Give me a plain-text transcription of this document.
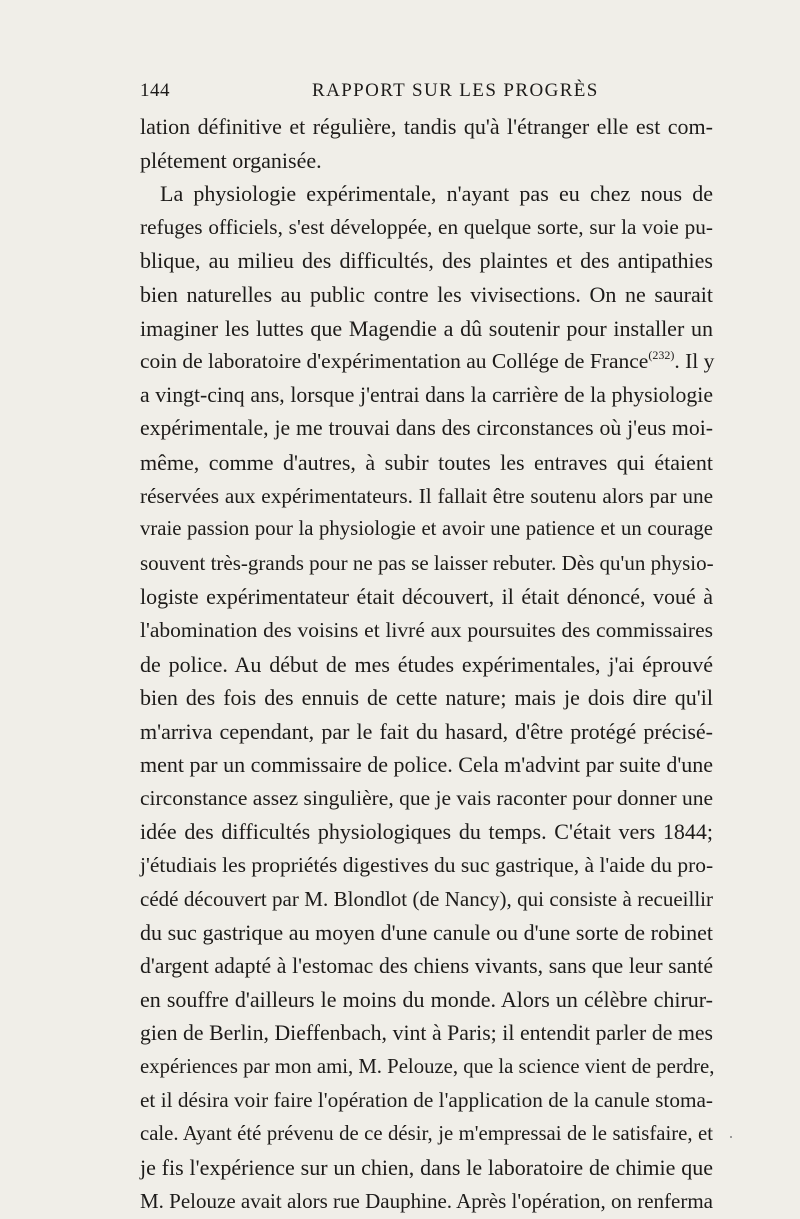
144	RAPPORT SUR LES PROGRÈS
lation définitive et régulière, tandis qu'à l'étranger elle est com-
plétement organisée.
La physiologie expérimentale, n'ayant pas eu chez nous de
refuges officiels, s'est développée, en quelque sorte, sur la voie pu-
blique, au milieu des difficultés, des plaintes et des antipathies
bien naturelles au public contre les vivisections. On ne saurait
imaginer les luttes que Magendie a dû soutenir pour installer un
coin de laboratoire d'expérimentation au Collége de France$^{(232)}$. Il y
a vingt-cinq ans, lorsque j'entrai dans la carrière de la physiologie
expérimentale, je me trouvai dans des circonstances où j'eus moi-
même, comme d'autres, à subir toutes les entraves qui étaient
réservées aux expérimentateurs. Il fallait être soutenu alors par une
vraie passion pour la physiologie et avoir une patience et un courage
souvent très-grands pour ne pas se laisser rebuter. Dès qu'un physio-
logiste expérimentateur était découvert, il était dénoncé, voué à
l'abomination des voisins et livré aux poursuites des commissaires
de police. Au début de mes études expérimentales, j'ai éprouvé
bien des fois des ennuis de cette nature; mais je dois dire qu'il
m'arriva cependant, par le fait du hasard, d'être protégé précisé-
ment par un commissaire de police. Cela m'advint par suite d'une
circonstance assez singulière, que je vais raconter pour donner une
idée des difficultés physiologiques du temps. C'était vers 1844;
j'étudiais les propriétés digestives du suc gastrique, à l'aide du pro-
cédé découvert par M. Blondlot (de Nancy), qui consiste à recueillir
du suc gastrique au moyen d'une canule ou d'une sorte de robinet
d'argent adapté à l'estomac des chiens vivants, sans que leur santé
en souffre d'ailleurs le moins du monde. Alors un célèbre chirur-
gien de Berlin, Dieffenbach, vint à Paris; il entendit parler de mes
expériences par mon ami, M. Pelouze, que la science vient de perdre,
et il désira voir faire l'opération de l'application de la canule stoma-
cale. Ayant été prévenu de ce désir, je m'empressai de le satisfaire, et
je fis l'expérience sur un chien, dans le laboratoire de chimie que
M. Pelouze avait alors rue Dauphine. Après l'opération, on renferma
